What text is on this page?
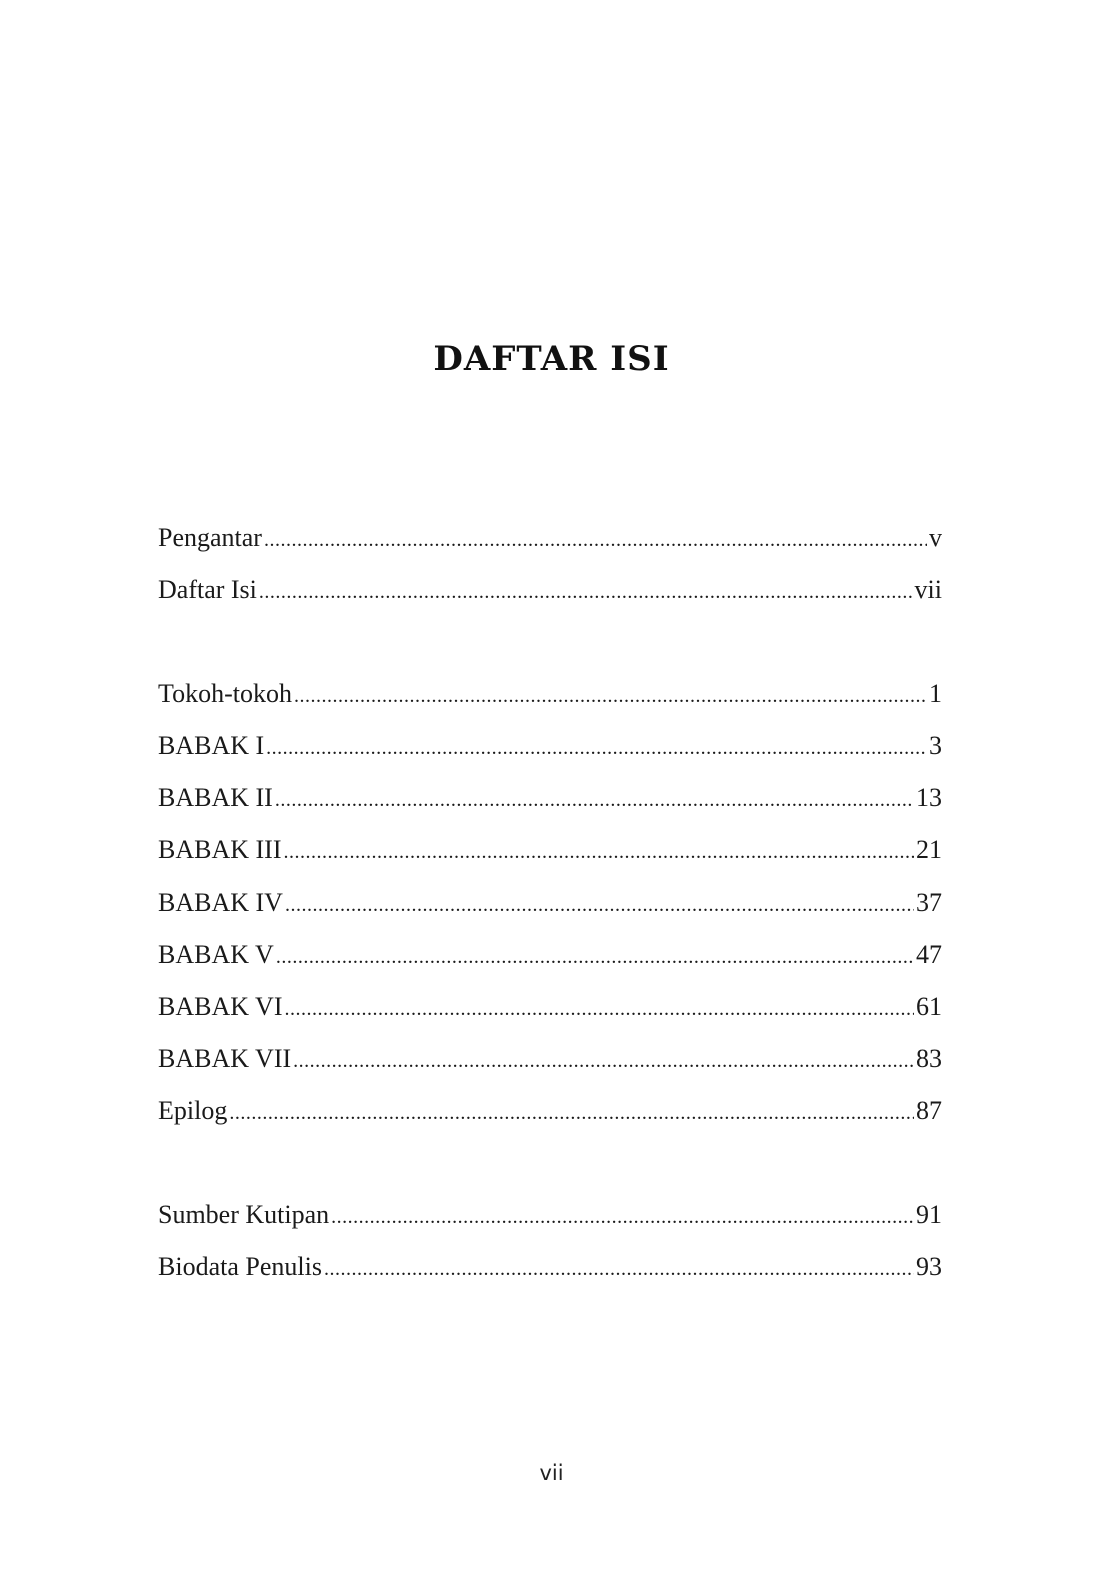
DAFTAR ISI
Pengantar .....	v
Daftar Isi .....	vii
Tokoh-tokoh .....	1
BABAK I .....	3
BABAK II .....	13
BABAK III .....	21
BABAK IV .....	37
BABAK V .....	47
BABAK VI .....	61
BABAK VII .....	83
Epilog .....	87
Sumber Kutipan .....	91
Biodata Penulis .....	93
vii
